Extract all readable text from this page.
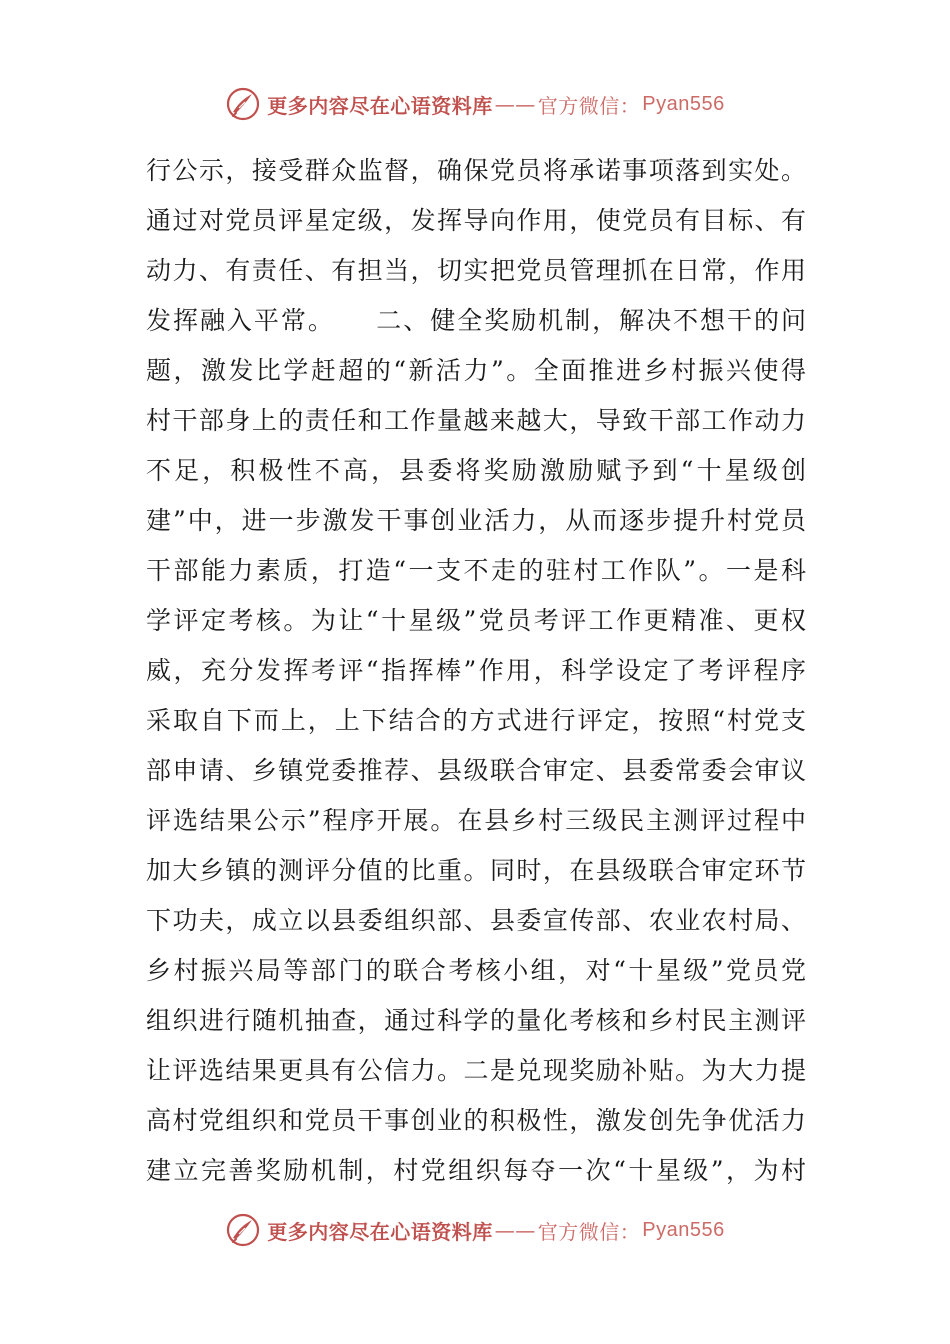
更多内容尽在心语资料库 —— 官方微信： Pyan556
行公示，接受群众监督，确保党员将承诺事项落到实处。
通过对党员评星定级，发挥导向作用，使党员有目标、有
动力、有责任、有担当，切实把党员管理抓在日常，作用
发挥融入平常。　　二、健全奖励机制，解决不想干的问
题，激发比学赶超的“新活力”。全面推进乡村振兴使得
村干部身上的责任和工作量越来越大，导致干部工作动力
不足，积极性不高，县委将奖励激励赋予到“十星级创
建”中，进一步激发干事创业活力，从而逐步提升村党员
干部能力素质，打造“一支不走的驻村工作队”。一是科
学评定考核。为让“十星级”党员考评工作更精准、更权
威，充分发挥考评“指挥棒”作用，科学设定了考评程序
采取自下而上，上下结合的方式进行评定，按照“村党支
部申请、乡镇党委推荐、县级联合审定、县委常委会审议
评选结果公示”程序开展。在县乡村三级民主测评过程中
加大乡镇的测评分值的比重。同时，在县级联合审定环节
下功夫，成立以县委组织部、县委宣传部、农业农村局、
乡村振兴局等部门的联合考核小组，对“十星级”党员党
组织进行随机抽查，通过科学的量化考核和乡村民主测评
让评选结果更具有公信力。二是兑现奖励补贴。为大力提
高村党组织和党员干事创业的积极性，激发创先争优活力
建立完善奖励机制，村党组织每夺一次“十星级”，为村
更多内容尽在心语资料库 —— 官方微信： Pyan556
